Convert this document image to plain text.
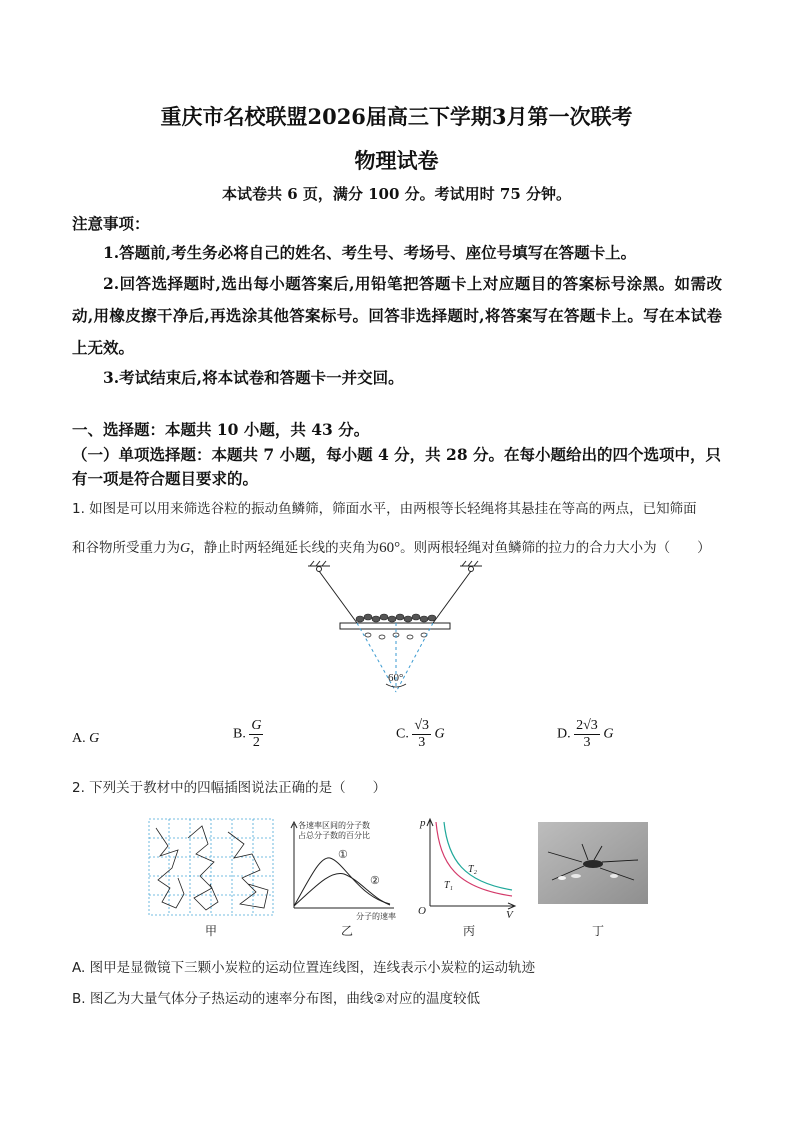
重庆市名校联盟2026届高三下学期3月第一次联考
物理试卷
本试卷共 6 页，满分 100 分。考试用时 75 分钟。
注意事项：
1.答题前,考生务必将自己的姓名、考生号、考场号、座位号填写在答题卡上。
2.回答选择题时,选出每小题答案后,用铅笔把答题卡上对应题目的答案标号涂黑。如需改动,用橡皮擦干净后,再选涂其他答案标号。回答非选择题时,将答案写在答题卡上。写在本试卷上无效。
3.考试结束后,将本试卷和答题卡一并交回。
一、选择题：本题共 10 小题，共 43 分。
（一）单项选择题：本题共 7 小题，每小题 4 分，共 28 分。在每小题给出的四个选项中，只
有一项是符合题目要求的。
1. 如图是可以用来筛选谷粒的振动鱼鳞筛，筛面水平，由两根等长轻绳将其悬挂在等高的两点，已知筛面
和谷物所受重力为G，静止时两轻绳延长线的夹角为60°。则两根轻绳对鱼鳞筛的拉力的合力大小为（　　）
60°
A. G	B. $\frac{G}{2}$	C. $\frac{√3}{3}$ G	D. $\frac{2√3}{3}$ G
2. 下列关于教材中的四幅插图说法正确的是（　　）
甲
各速率区间的分子数
占总分子数的百分比
①
②
分子的速率
乙
p
V
O
T₁
T₂
丙	丁
A. 图甲是显微镜下三颗小炭粒的运动位置连线图，连线表示小炭粒的运动轨迹
B. 图乙为大量气体分子热运动的速率分布图，曲线②对应的温度较低
